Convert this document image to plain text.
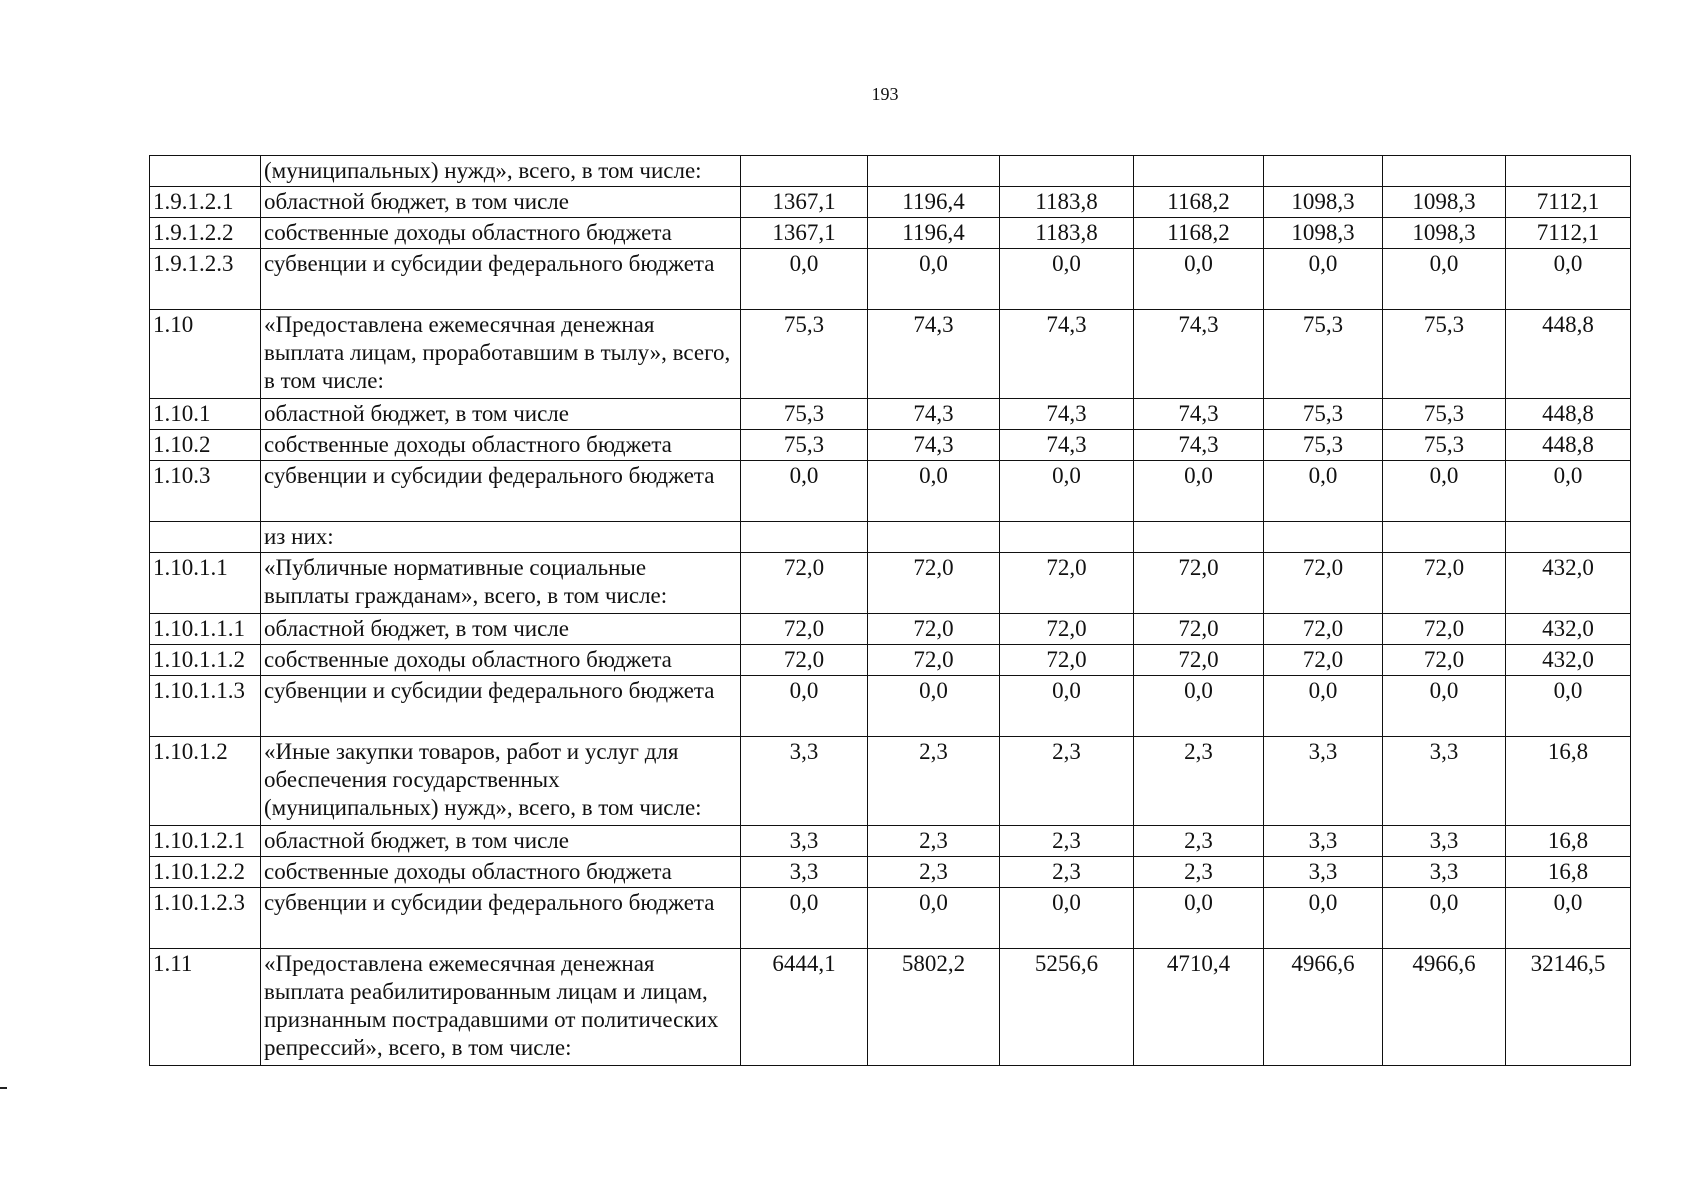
193
	(муниципальных) нужд», всего, в том числе:							
1.9.1.2.1	областной бюджет, в том числе	1367,1	1196,4	1183,8	1168,2	1098,3	1098,3	7112,1
1.9.1.2.2	собственные доходы областного бюджета	1367,1	1196,4	1183,8	1168,2	1098,3	1098,3	7112,1
1.9.1.2.3	субвенции и субсидии федерального бюджета	0,0	0,0	0,0	0,0	0,0	0,0	0,0
1.10	«Предоставлена ежемесячная денежная выплата лицам, проработавшим в тылу», всего, в том числе:	75,3	74,3	74,3	74,3	75,3	75,3	448,8
1.10.1	областной бюджет, в том числе	75,3	74,3	74,3	74,3	75,3	75,3	448,8
1.10.2	собственные доходы областного бюджета	75,3	74,3	74,3	74,3	75,3	75,3	448,8
1.10.3	субвенции и субсидии федерального бюджета	0,0	0,0	0,0	0,0	0,0	0,0	0,0
	из них:							
1.10.1.1	«Публичные нормативные социальные выплаты гражданам», всего, в том числе:	72,0	72,0	72,0	72,0	72,0	72,0	432,0
1.10.1.1.1	областной бюджет, в том числе	72,0	72,0	72,0	72,0	72,0	72,0	432,0
1.10.1.1.2	собственные доходы областного бюджета	72,0	72,0	72,0	72,0	72,0	72,0	432,0
1.10.1.1.3	субвенции и субсидии федерального бюджета	0,0	0,0	0,0	0,0	0,0	0,0	0,0
1.10.1.2	«Иные закупки товаров, работ и услуг для обеспечения государственных (муниципальных) нужд», всего, в том числе:	3,3	2,3	2,3	2,3	3,3	3,3	16,8
1.10.1.2.1	областной бюджет, в том числе	3,3	2,3	2,3	2,3	3,3	3,3	16,8
1.10.1.2.2	собственные доходы областного бюджета	3,3	2,3	2,3	2,3	3,3	3,3	16,8
1.10.1.2.3	субвенции и субсидии федерального бюджета	0,0	0,0	0,0	0,0	0,0	0,0	0,0
1.11	«Предоставлена ежемесячная денежная выплата реабилитированным лицам и лицам, признанным пострадавшими от политических репрессий», всего, в том числе:	6444,1	5802,2	5256,6	4710,4	4966,6	4966,6	32146,5
